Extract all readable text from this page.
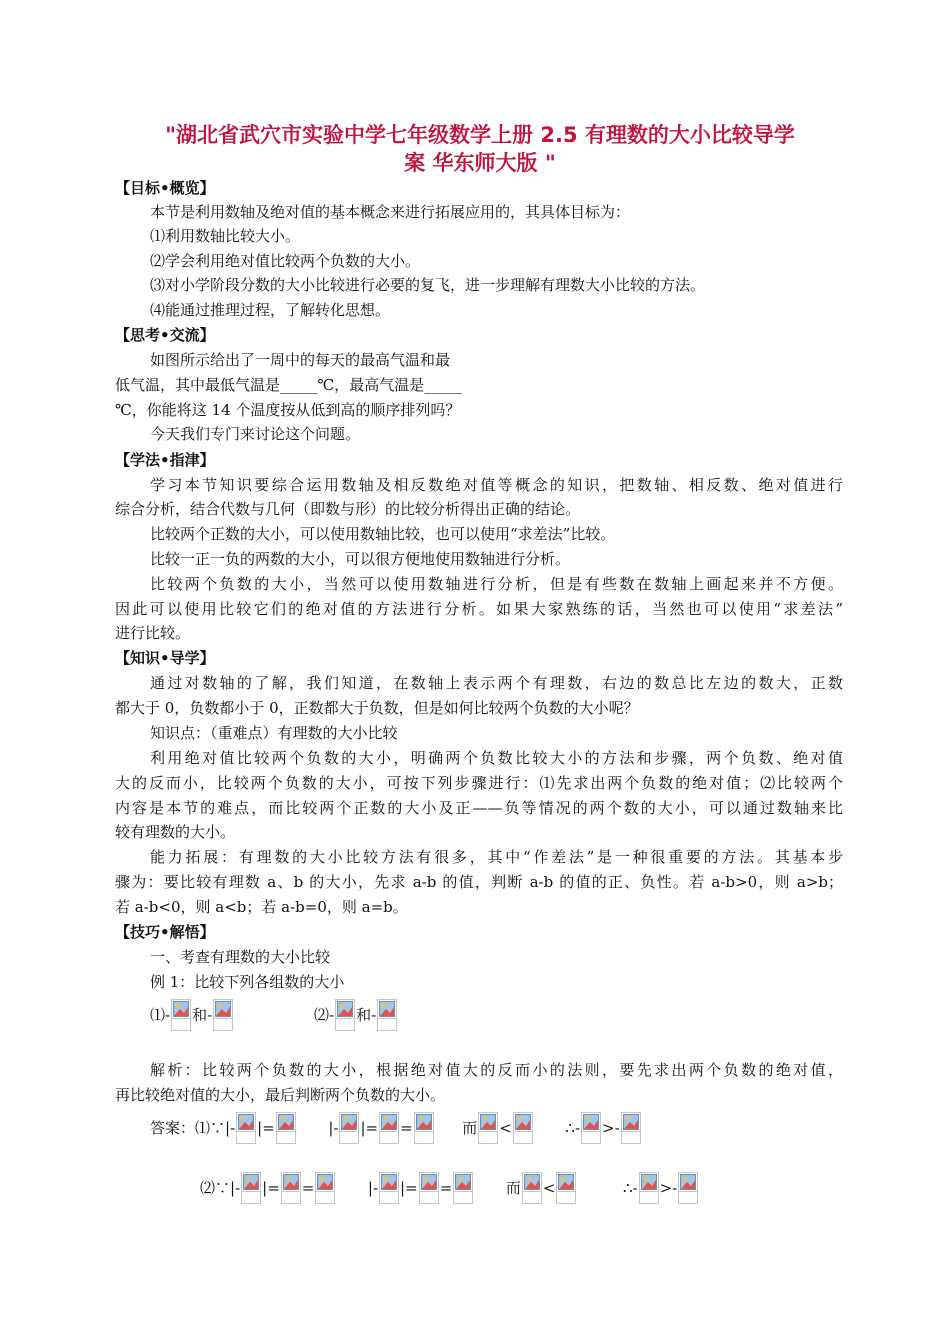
"湖北省武穴市实验中学七年级数学上册 2.5 有理数的大小比较导学
案 华东师大版 "
【目标•概览】
本节是利用数轴及绝对值的基本概念来进行拓展应用的，其具体目标为：
⑴利用数轴比较大小。
⑵学会利用绝对值比较两个负数的大小。
⑶对小学阶段分数的大小比较进行必要的复飞，进一步理解有理数大小比较的方法。
⑷能通过推理过程，了解转化思想。
【思考•交流】
如图所示给出了一周中的每天的最高气温和最
低气温，其中最低气温是_____℃，最高气温是_____
℃，你能将这 14 个温度按从低到高的顺序排列吗？
今天我们专门来讨论这个问题。
【学法•指津】
学习本节知识要综合运用数轴及相反数绝对值等概念的知识，把数轴、相反数、绝对值进行
综合分析，结合代数与几何（即数与形）的比较分析得出正确的结论。
比较两个正数的大小，可以使用数轴比较，也可以使用“求差法”比较。
比较一正一负的两数的大小，可以很方便地使用数轴进行分析。
比较两个负数的大小，当然可以使用数轴进行分析，但是有些数在数轴上画起来并不方便。
因此可以使用比较它们的绝对值的方法进行分析。如果大家熟练的话，当然也可以使用“求差法”
进行比较。
【知识•导学】
通过对数轴的了解，我们知道，在数轴上表示两个有理数，右边的数总比左边的数大，正数
都大于 0，负数都小于 0，正数都大于负数，但是如何比较两个负数的大小呢？
知识点：（重难点）有理数的大小比较
利用绝对值比较两个负数的大小，明确两个负数比较大小的方法和步骤，两个负数、绝对值
大的反而小，比较两个负数的大小，可按下列步骤进行：⑴先求出两个负数的绝对值；⑵比较两个
内容是本节的难点，而比较两个正数的大小及正——负等情况的两个数的大小，可以通过数轴来比
较有理数的大小。
能力拓展：有理数的大小比较方法有很多，其中“作差法”是一种很重要的方法。其基本步
骤为：要比较有理数 a、b 的大小，先求 a-b 的值，判断 a-b 的值的正、负性。若 a-b>0，则 a>b；
若 a-b<0，则 a<b；若 a-b=0，则 a=b。
【技巧•解悟】
一、考查有理数的大小比较
例 1：比较下列各组数的大小
⑴- 和-	⑵- 和-
解析：比较两个负数的大小，根据绝对值大的反而小的法则，要先求出两个负数的绝对值，
再比较绝对值的大小，最后判断两个负数的大小。
答案：⑴∵|- |=	|- |= =	而 <	∴- >-
⑵∵|- |= =	|- |= =	而 <	∴- >-
